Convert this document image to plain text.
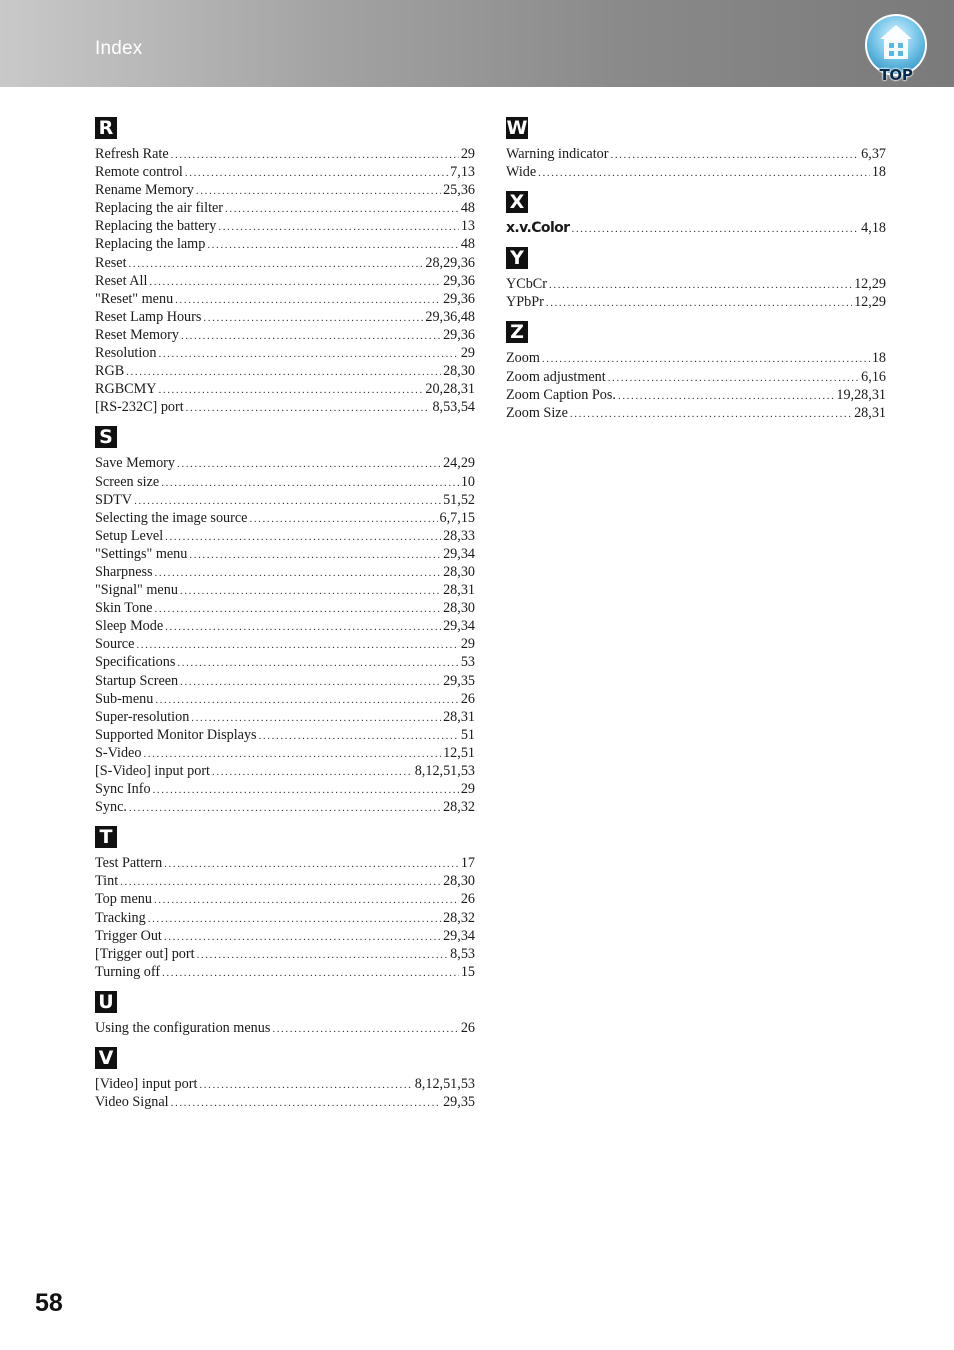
Index
TOP
R
Refresh Rate .....	29
Remote control .....	7,13
Rename Memory .....	25,36
Replacing the air filter .....	48
Replacing the battery .....	13
Replacing the lamp .....	48
Reset .....	28,29,36
Reset All .....	29,36
"Reset" menu .....	29,36
Reset Lamp Hours .....	29,36,48
Reset Memory .....	29,36
Resolution .....	29
RGB .....	28,30
RGBCMY .....	20,28,31
[RS-232C] port .....	8,53,54
S
Save Memory .....	24,29
Screen size .....	10
SDTV .....	51,52
Selecting the image source .....	6,7,15
Setup Level .....	28,33
"Settings" menu .....	29,34
Sharpness .....	28,30
"Signal" menu .....	28,31
Skin Tone .....	28,30
Sleep Mode .....	29,34
Source .....	29
Specifications .....	53
Startup Screen .....	29,35
Sub-menu .....	26
Super-resolution .....	28,31
Supported Monitor Displays .....	51
S-Video .....	12,51
[S-Video] input port .....	8,12,51,53
Sync Info .....	29
Sync. .....	28,32
T
Test Pattern .....	17
Tint .....	28,30
Top menu .....	26
Tracking .....	28,32
Trigger Out .....	29,34
[Trigger out] port .....	8,53
Turning off .....	15
U
Using the configuration menus .....	26
V
[Video] input port .....	8,12,51,53
Video Signal .....	29,35
W
Warning indicator .....	6,37
Wide .....	18
X
x.v.Color .....	4,18
Y
YCbCr .....	12,29
YPbPr .....	12,29
Z
Zoom .....	18
Zoom adjustment .....	6,16
Zoom Caption Pos. .....	19,28,31
Zoom Size .....	28,31
58
